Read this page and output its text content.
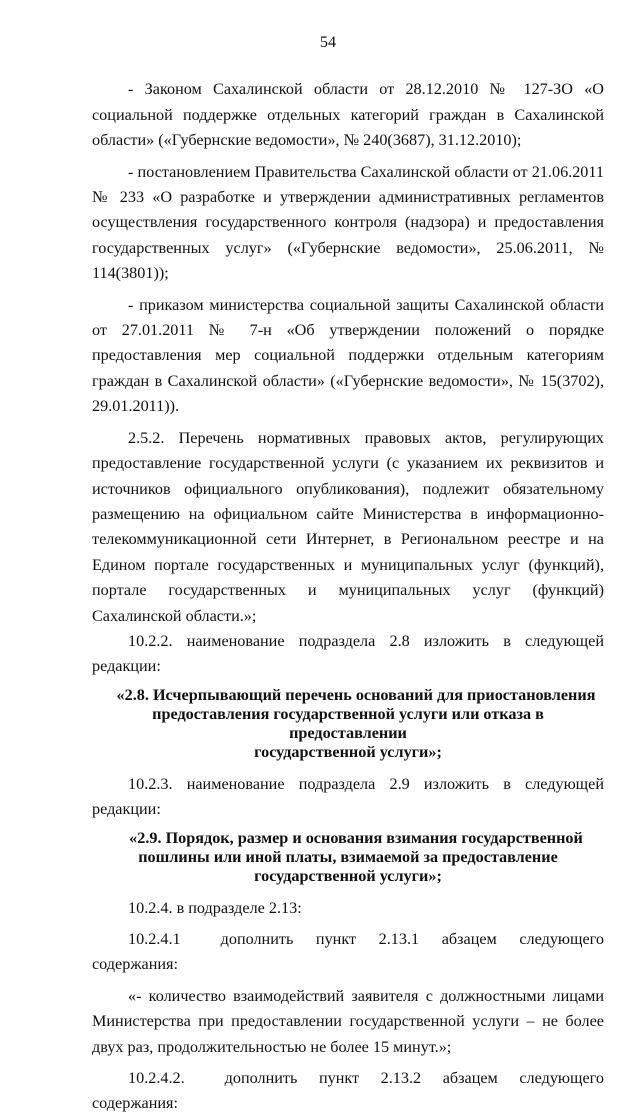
54

- Законом Сахалинской области от 28.12.2010 № 127-ЗО «О социальной поддержке отдельных категорий граждан в Сахалинской области» («Губернские ведомости», № 240(3687), 31.12.2010);

- постановлением Правительства Сахалинской области от 21.06.2011 № 233 «О разработке и утверждении административных регламентов осуществления государственного контроля (надзора) и предоставления государственных услуг» («Губернские ведомости», 25.06.2011, № 114(3801));

- приказом министерства социальной защиты Сахалинской области от 27.01.2011 № 7-н «Об утверждении положений о порядке предоставления мер социальной поддержки отдельным категориям граждан в Сахалинской области» («Губернские ведомости», № 15(3702), 29.01.2011)).

2.5.2. Перечень нормативных правовых актов, регулирующих предоставление государственной услуги (с указанием их реквизитов и источников официального опубликования), подлежит обязательному размещению на официальном сайте Министерства в информационно-телекоммуникационной сети Интернет, в Региональном реестре и на Едином портале государственных и муниципальных услуг (функций), портале государственных и муниципальных услуг (функций) Сахалинской области.»;

10.2.2. наименование подраздела 2.8 изложить в следующей редакции:

«2.8. Исчерпывающий перечень оснований для приостановления
предоставления государственной услуги или отказа в предоставлении
государственной услуги»;

10.2.3. наименование подраздела 2.9 изложить в следующей редакции:

«2.9. Порядок, размер и основания взимания государственной
пошлины или иной платы, взимаемой за предоставление
государственной услуги»;

10.2.4. в подразделе 2.13:

10.2.4.1 дополнить пункт 2.13.1 абзацем следующего содержания:

«- количество взаимодействий заявителя с должностными лицами Министерства при предоставлении государственной услуги – не более двух раз, продолжительностью не более 15 минут.»;

10.2.4.2. дополнить пункт 2.13.2 абзацем следующего содержания:
